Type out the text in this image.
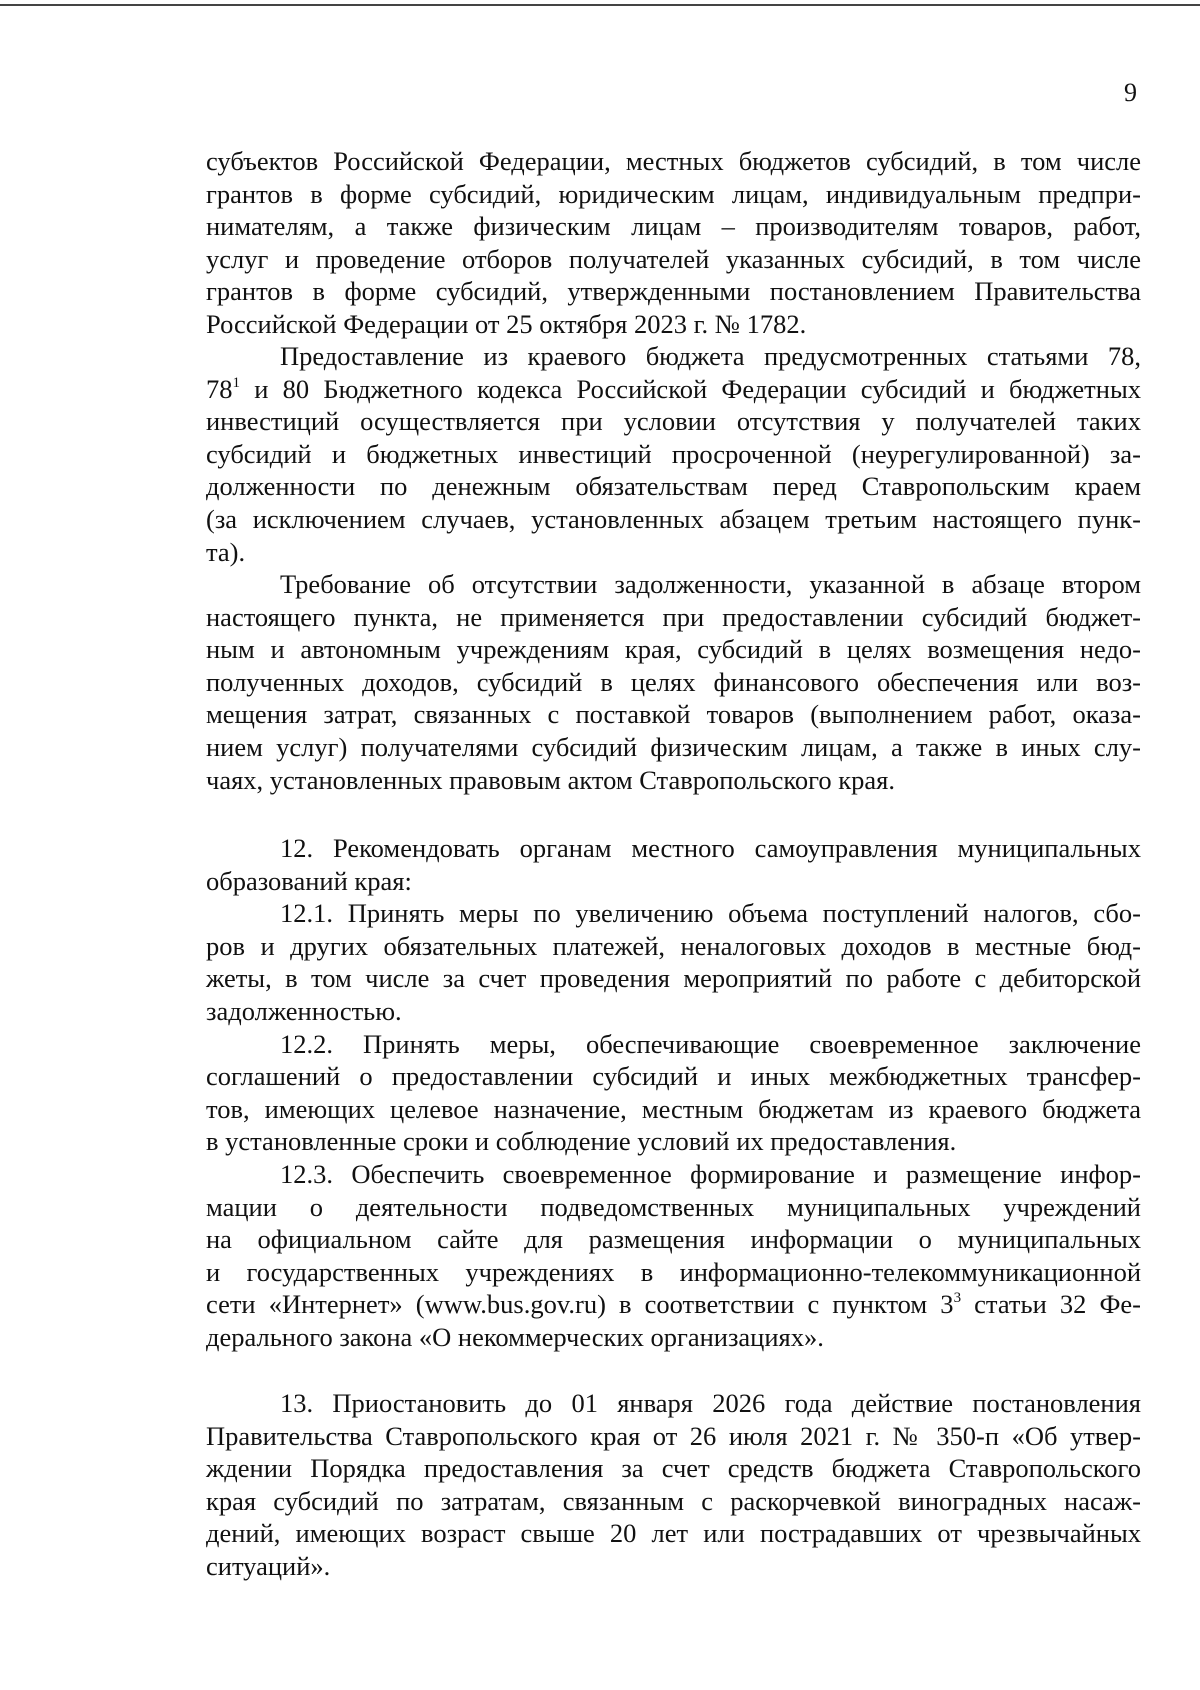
9
субъектов Российской Федерации, местных бюджетов субсидий, в том числе
грантов в форме субсидий, юридическим лицам, индивидуальным предпри-
нимателям, а также физическим лицам – производителям товаров, работ,
услуг и проведение отборов получателей указанных субсидий, в том числе
грантов в форме субсидий, утвержденными постановлением Правительства
Российской Федерации от 25 октября 2023 г. № 1782.
Предоставление из краевого бюджета предусмотренных статьями 78,
$78^1$ и 80 Бюджетного кодекса Российской Федерации субсидий и бюджетных
инвестиций осуществляется при условии отсутствия у получателей таких
субсидий и бюджетных инвестиций просроченной (неурегулированной) за-
долженности по денежным обязательствам перед Ставропольским краем
(за исключением случаев, установленных абзацем третьим настоящего пунк-
та).
Требование об отсутствии задолженности, указанной в абзаце втором
настоящего пункта, не применяется при предоставлении субсидий бюджет-
ным и автономным учреждениям края, субсидий в целях возмещения недо-
полученных доходов, субсидий в целях финансового обеспечения или воз-
мещения затрат, связанных с поставкой товаров (выполнением работ, оказа-
нием услуг) получателями субсидий физическим лицам, а также в иных слу-
чаях, установленных правовым актом Ставропольского края.
12. Рекомендовать органам местного самоуправления муниципальных
образований края:
12.1. Принять меры по увеличению объема поступлений налогов, сбо-
ров и других обязательных платежей, неналоговых доходов в местные бюд-
жеты, в том числе за счет проведения мероприятий по работе с дебиторской
задолженностью.
12.2. Принять меры, обеспечивающие своевременное заключение
соглашений о предоставлении субсидий и иных межбюджетных трансфер-
тов, имеющих целевое назначение, местным бюджетам из краевого бюджета
в установленные сроки и соблюдение условий их предоставления.
12.3. Обеспечить своевременное формирование и размещение инфор-
мации о деятельности подведомственных муниципальных учреждений
на официальном сайте для размещения информации о муниципальных
и государственных учреждениях в информационно-телекоммуникационной
сети «Интернет» (www.bus.gov.ru) в соответствии с пунктом $3^3$ статьи 32 Фе-
дерального закона «О некоммерческих организациях».
13. Приостановить до 01 января 2026 года действие постановления
Правительства Ставропольского края от 26 июля 2021 г. № 350-п «Об утвер-
ждении Порядка предоставления за счет средств бюджета Ставропольского
края субсидий по затратам, связанным с раскорчевкой виноградных насаж-
дений, имеющих возраст свыше 20 лет или пострадавших от чрезвычайных
ситуаций».
